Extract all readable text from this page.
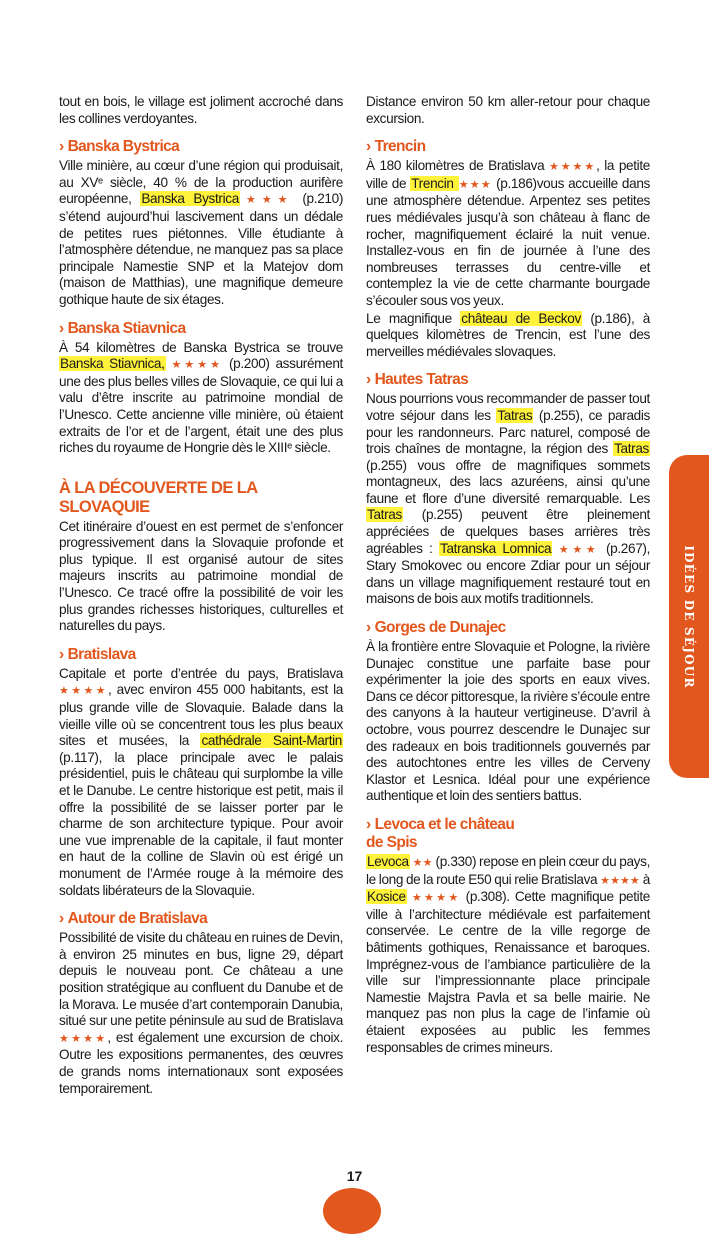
tout en bois, le village est joliment accroché dans les collines verdoyantes.

› Banska Bystrica

Ville minière, au cœur d’une région qui produisait, au XVᵉ siècle, 40 % de la production aurifère européenne, Banska Bystrica★★★ (p.210) s’étend aujourd’hui lascivement dans un dédale de petites rues piétonnes. Ville étudiante à l’atmosphère détendue, ne manquez pas sa place principale Namestie SNP et la Matejov dom (maison de Matthias), une magnifique demeure gothique haute de six étages.

› Banska Stiavnica

À 54 kilomètres de Banska Bystrica se trouve Banska Stiavnica, ★★★★ (p.200) assurément une des plus belles villes de Slovaquie, ce qui lui a valu d’être inscrite au patrimoine mondial de l’Unesco. Cette ancienne ville minière, où étaient extraits de l’or et de l’argent, était une des plus riches du royaume de Hongrie dès le XIIIᵉ siècle.

À LA DÉCOUVERTE DE LA SLOVAQUIE

Cet itinéraire d’ouest en est permet de s’enfoncer progressivement dans la Slovaquie profonde et plus typique. Il est organisé autour de sites majeurs inscrits au patrimoine mondial de l’Unesco. Ce tracé offre la possibilité de voir les plus grandes richesses historiques, culturelles et naturelles du pays.

› Bratislava

Capitale et porte d’entrée du pays, Bratislava ★★★★, avec environ 455 000 habitants, est la plus grande ville de Slovaquie. Balade dans la vieille ville où se concentrent tous les plus beaux sites et musées, la cathédrale Saint-Martin (p.117), la place principale avec le palais présidentiel, puis le château qui surplombe la ville et le Danube. Le centre historique est petit, mais il offre la possibilité de se laisser porter par le charme de son architecture typique. Pour avoir une vue imprenable de la capitale, il faut monter en haut de la colline de Slavin où est érigé un monument de l’Armée rouge à la mémoire des soldats libérateurs de la Slovaquie.

› Autour de Bratislava

Possibilité de visite du château en ruines de Devin, à environ 25 minutes en bus, ligne 29, départ depuis le nouveau pont. Ce château a une position stratégique au confluent du Danube et de la Morava. Le musée d’art contemporain Danubia, situé sur une petite péninsule au sud de Bratislava ★★★★, est également une excursion de choix. Outre les expositions permanentes, des œuvres de grands noms internationaux sont exposées temporairement.

Distance environ 50 km aller-retour pour chaque excursion.

› Trencin

À 180 kilomètres de Bratislava ★★★★, la petite ville de Trencin ★★★ (p.186)vous accueille dans une atmosphère détendue. Arpentez ses petites rues médiévales jusqu’à son château à flanc de rocher, magnifiquement éclairé la nuit venue. Installez-vous en fin de journée à l’une des nombreuses terrasses du centre-ville et contemplez la vie de cette charmante bourgade s’écouler sous vos yeux.

Le magnifique château de Beckov (p.186), à quelques kilomètres de Trencin, est l’une des merveilles médiévales slovaques.

› Hautes Tatras

Nous pourrions vous recommander de passer tout votre séjour dans les Tatras (p.255), ce paradis pour les randonneurs. Parc naturel, composé de trois chaînes de montagne, la région des Tatras (p.255) vous offre de magnifiques sommets montagneux, des lacs azuréens, ainsi qu’une faune et flore d’une diversité remarquable. Les Tatras (p.255) peuvent être pleinement appréciées de quelques bases arrières très agréables : Tatranska Lomnica ★★★ (p.267), Stary Smokovec ou encore Zdiar pour un séjour dans un village magnifiquement restauré tout en maisons de bois aux motifs traditionnels.

› Gorges de Dunajec

À la frontière entre Slovaquie et Pologne, la rivière Dunajec constitue une parfaite base pour expérimenter la joie des sports en eaux vives. Dans ce décor pittoresque, la rivière s’écoule entre des canyons à la hauteur vertigineuse. D’avril à octobre, vous pourrez descendre le Dunajec sur des radeaux en bois traditionnels gouvernés par des autochtones entre les villes de Cerveny Klastor et Lesnica. Idéal pour une expérience authentique et loin des sentiers battus.

› Levoca et le château
de Spis

Levoca ★★ (p.330) repose en plein cœur du pays, le long de la route E50 qui relie Bratislava ★★★★ à Kosice ★★★★ (p.308). Cette magnifique petite ville à l’architecture médiévale est parfaitement conservée. Le centre de la ville regorge de bâtiments gothiques, Renaissance et baroques. Imprégnez-vous de l’ambiance particulière de la ville sur l’impressionnante place principale Namestie Majstra Pavla et sa belle mairie. Ne manquez pas non plus la cage de l’infamie où étaient exposées au public les femmes responsables de crimes mineurs.

IDÉES DE SÉJOUR
17
